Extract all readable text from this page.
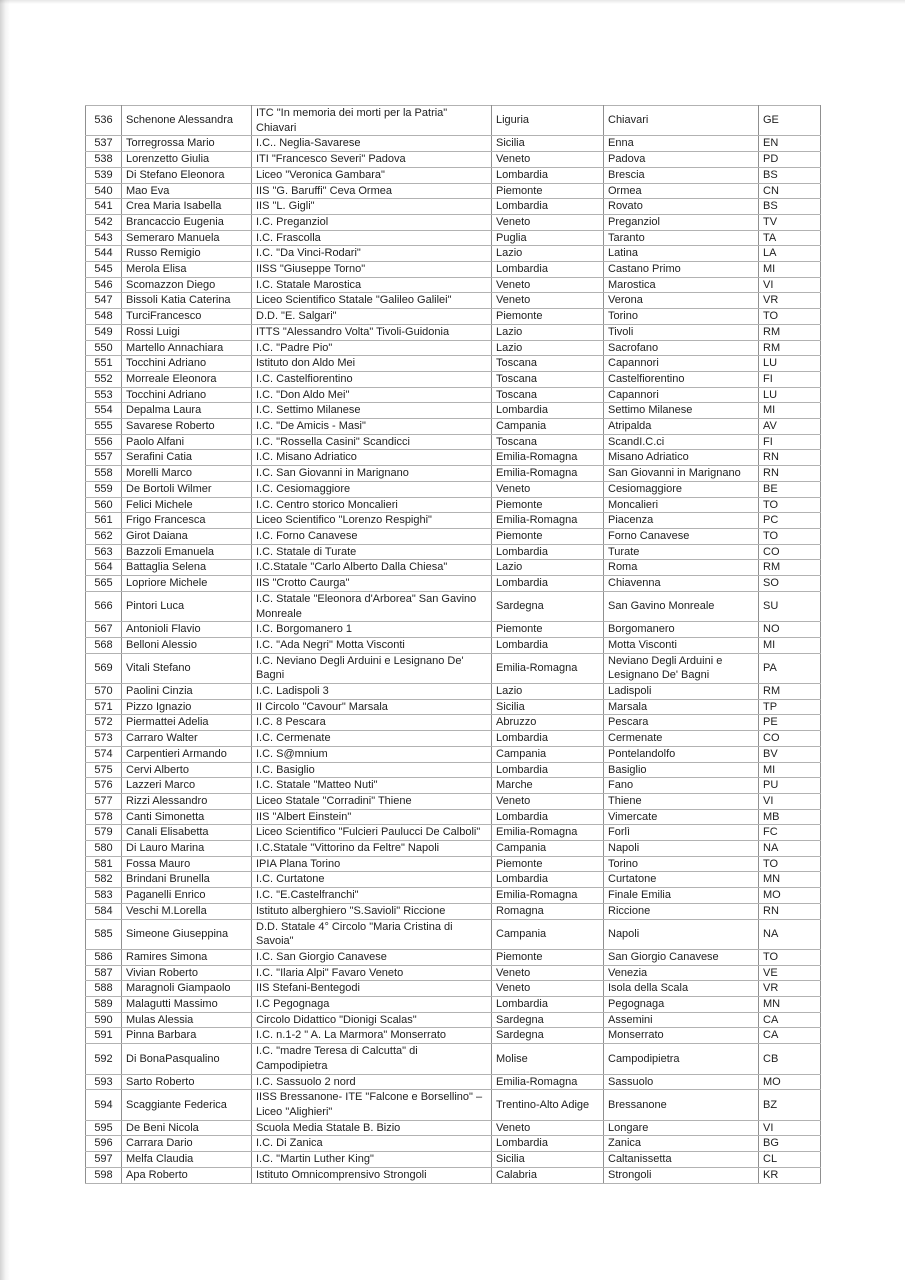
536	Schenone Alessandra	ITC "In memoria dei morti per la Patria" Chiavari	Liguria	Chiavari	GE
537	Torregrossa Mario	I.C.. Neglia-Savarese	Sicilia	Enna	EN
538	Lorenzetto Giulia	ITI "Francesco Severi" Padova	Veneto	Padova	PD
539	Di Stefano Eleonora	Liceo "Veronica Gambara"	Lombardia	Brescia	BS
540	Mao Eva	IIS "G. Baruffi" Ceva Ormea	Piemonte	Ormea	CN
541	Crea Maria Isabella	IIS "L. Gigli"	Lombardia	Rovato	BS
542	Brancaccio Eugenia	I.C. Preganziol	Veneto	Preganziol	TV
543	Semeraro Manuela	I.C. Frascolla	Puglia	Taranto	TA
544	Russo Remigio	I.C. "Da Vinci-Rodari"	Lazio	Latina	LA
545	Merola Elisa	IISS "Giuseppe Torno"	Lombardia	Castano Primo	MI
546	Scomazzon Diego	I.C. Statale Marostica	Veneto	Marostica	VI
547	Bissoli Katia Caterina	Liceo Scientifico Statale "Galileo Galilei"	Veneto	Verona	VR
548	TurciFrancesco	D.D. "E. Salgari"	Piemonte	Torino	TO
549	Rossi Luigi	ITTS "Alessandro Volta" Tivoli-Guidonia	Lazio	Tivoli	RM
550	Martello Annachiara	I.C. "Padre Pio"	Lazio	Sacrofano	RM
551	Tocchini Adriano	Istituto don Aldo Mei	Toscana	Capannori	LU
552	Morreale Eleonora	I.C. Castelfiorentino	Toscana	Castelfiorentino	FI
553	Tocchini Adriano	I.C. "Don Aldo Mei"	Toscana	Capannori	LU
554	Depalma Laura	I.C. Settimo Milanese	Lombardia	Settimo Milanese	MI
555	Savarese Roberto	I.C. "De Amicis - Masi"	Campania	Atripalda	AV
556	Paolo Alfani	I.C. "Rossella Casini" Scandicci	Toscana	ScandI.C.ci	FI
557	Serafini Catia	I.C. Misano Adriatico	Emilia-Romagna	Misano Adriatico	RN
558	Morelli Marco	I.C. San Giovanni in Marignano	Emilia-Romagna	San Giovanni in Marignano	RN
559	De Bortoli Wilmer	I.C. Cesiomaggiore	Veneto	Cesiomaggiore	BE
560	Felici Michele	I.C. Centro storico Moncalieri	Piemonte	Moncalieri	TO
561	Frigo Francesca	Liceo Scientifico "Lorenzo Respighi"	Emilia-Romagna	Piacenza	PC
562	Girot Daiana	I.C. Forno Canavese	Piemonte	Forno Canavese	TO
563	Bazzoli Emanuela	I.C. Statale di Turate	Lombardia	Turate	CO
564	Battaglia Selena	I.C.Statale "Carlo Alberto Dalla Chiesa"	Lazio	Roma	RM
565	Lopriore Michele	IIS "Crotto Caurga"	Lombardia	Chiavenna	SO
566	Pintori Luca	I.C. Statale "Eleonora d'Arborea" San Gavino Monreale	Sardegna	San Gavino Monreale	SU
567	Antonioli Flavio	I.C. Borgomanero 1	Piemonte	Borgomanero	NO
568	Belloni Alessio	I.C. "Ada Negri" Motta Visconti	Lombardia	Motta Visconti	MI
569	Vitali Stefano	I.C. Neviano Degli Arduini e Lesignano De' Bagni	Emilia-Romagna	Neviano Degli Arduini e Lesignano De' Bagni	PA
570	Paolini Cinzia	I.C. Ladispoli 3	Lazio	Ladispoli	RM
571	Pizzo Ignazio	II Circolo "Cavour" Marsala	Sicilia	Marsala	TP
572	Piermattei Adelia	I.C. 8 Pescara	Abruzzo	Pescara	PE
573	Carraro Walter	I.C. Cermenate	Lombardia	Cermenate	CO
574	Carpentieri Armando	I.C. S@mnium	Campania	Pontelandolfo	BV
575	Cervi Alberto	I.C. Basiglio	Lombardia	Basiglio	MI
576	Lazzeri Marco	I.C. Statale "Matteo Nuti"	Marche	Fano	PU
577	Rizzi Alessandro	Liceo Statale "Corradini" Thiene	Veneto	Thiene	VI
578	Canti Simonetta	IIS "Albert Einstein"	Lombardia	Vimercate	MB
579	Canali Elisabetta	Liceo Scientifico "Fulcieri Paulucci De Calboli"	Emilia-Romagna	Forlì	FC
580	Di Lauro Marina	I.C.Statale "Vittorino da Feltre" Napoli	Campania	Napoli	NA
581	Fossa Mauro	IPIA Plana Torino	Piemonte	Torino	TO
582	Brindani Brunella	I.C. Curtatone	Lombardia	Curtatone	MN
583	Paganelli Enrico	I.C. "E.Castelfranchi"	Emilia-Romagna	Finale Emilia	MO
584	Veschi M.Lorella	Istituto alberghiero "S.Savioli" Riccione	Romagna	Riccione	RN
585	Simeone Giuseppina	D.D. Statale 4° Circolo "Maria Cristina di Savoia"	Campania	Napoli	NA
586	Ramires Simona	I.C. San Giorgio Canavese	Piemonte	San Giorgio Canavese	TO
587	Vivian Roberto	I.C. "Ilaria Alpi" Favaro Veneto	Veneto	Venezia	VE
588	Maragnoli Giampaolo	IIS Stefani-Bentegodi	Veneto	Isola della Scala	VR
589	Malagutti Massimo	I.C Pegognaga	Lombardia	Pegognaga	MN
590	Mulas Alessia	Circolo Didattico "Dionigi Scalas"	Sardegna	Assemini	CA
591	Pinna Barbara	I.C. n.1-2 " A. La Marmora" Monserrato	Sardegna	Monserrato	CA
592	Di BonaPasqualino	I.C. "madre Teresa di Calcutta" di Campodipietra	Molise	Campodipietra	CB
593	Sarto Roberto	I.C. Sassuolo 2 nord	Emilia-Romagna	Sassuolo	MO
594	Scaggiante Federica	IISS Bressanone- ITE "Falcone e Borsellino" – Liceo "Alighieri"	Trentino-Alto Adige	Bressanone	BZ
595	De Beni Nicola	Scuola Media Statale B. Bizio	Veneto	Longare	VI
596	Carrara Dario	I.C. Di Zanica	Lombardia	Zanica	BG
597	Melfa Claudia	I.C. "Martin Luther King"	Sicilia	Caltanissetta	CL
598	Apa Roberto	Istituto Omnicomprensivo Strongoli	Calabria	Strongoli	KR
